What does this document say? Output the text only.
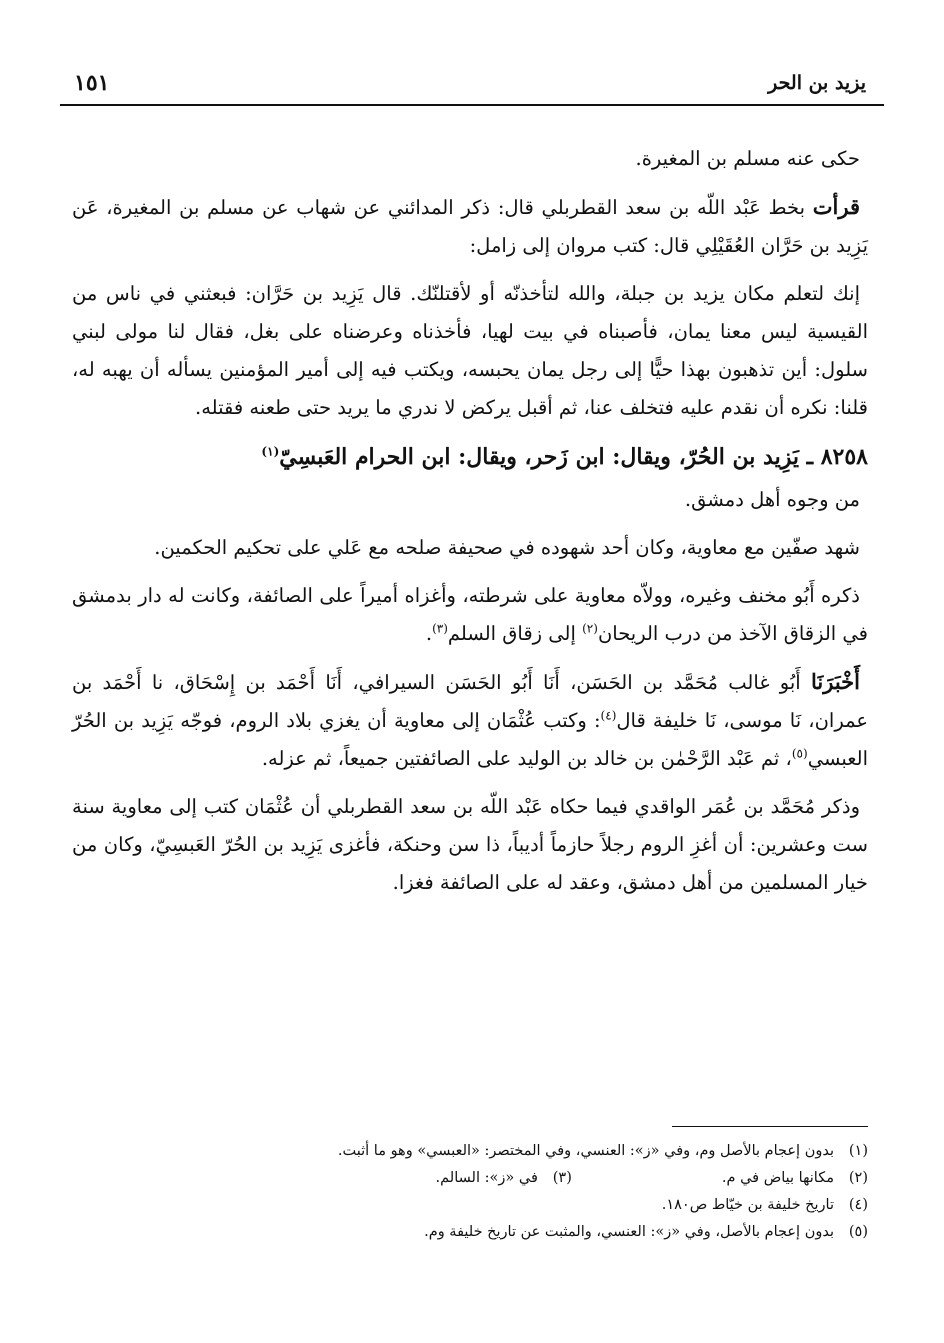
يزيد بن الحر
١٥١

حكى عنه مسلم بن المغيرة.

قرأت بخط عَبْد اللّه بن سعد القطربلي قال: ذكر المدائني عن شهاب عن مسلم بن المغيرة، عَن يَزِيد بن حَرَّان العُقَيْلِي قال: كتب مروان إلى زامل:

إنك لتعلم مكان يزيد بن جبلة، والله لتأخذنّه أو لأقتلنّك. قال يَزِيد بن حَرَّان: فبعثني في ناس من القيسية ليس معنا يمان، فأصبناه في بيت لهيا، فأخذناه وعرضناه على بغل، فقال لنا مولى لبني سلول: أين تذهبون بهذا حيًّا إلى رجل يمان يحبسه، ويكتب فيه إلى أمير المؤمنين يسأله أن يهبه له، قلنا: نكره أن نقدم عليه فتخلف عنا، ثم أقبل يركض لا ندري ما يريد حتى طعنه فقتله.

٨٢٥٨ ـ يَزِيد بن الحُرّ، ويقال: ابن زَحر، ويقال: ابن الحرام العَبسِيّ$^{(١)}$

من وجوه أهل دمشق.

شهد صفّين مع معاوية، وكان أحد شهوده في صحيفة صلحه مع عَلي على تحكيم الحكمين.

ذكره أَبُو مخنف وغيره، وولاّه معاوية على شرطته، وأغزاه أميراً على الصائفة، وكانت له دار بدمشق في الزقاق الآخذ من درب الريحان$^{(٢)}$ إلى زقاق السلم$^{(٣)}$.

أَخْبَرَنَا أَبُو غالب مُحَمَّد بن الحَسَن، أَنَا أَبُو الحَسَن السيرافي، أَنَا أَحْمَد بن إِسْحَاق، نا أَحْمَد بن عمران، نَا موسى، نَا خليفة قال$^{(٤)}$: وكتب عُثْمَان إلى معاوية أن يغزي بلاد الروم، فوجّه يَزِيد بن الحُرّ العبسي$^{(٥)}$، ثم عَبْد الرَّحْمٰن بن خالد بن الوليد على الصائفتين جميعاً، ثم عزله.

وذكر مُحَمَّد بن عُمَر الواقدي فيما حكاه عَبْد اللّه بن سعد القطربلي أن عُثْمَان كتب إلى معاوية سنة ست وعشرين: أن أغزِ الروم رجلاً حازماً أديباً، ذا سن وحنكة، فأغزى يَزِيد بن الحُرّ العَبسِيّ، وكان من خيار المسلمين من أهل دمشق، وعقد له على الصائفة فغزا.

(١)
بدون إعجام بالأصل وم، وفي «ز»: العنسي، وفي المختصر: «العبسي» وهو ما أثبت.
(٢)
مكانها بياض في م.
(٣)
في «ز»: السالم.
(٤)
تاريخ خليفة بن خيّاط ص١٨٠.
(٥)
بدون إعجام بالأصل، وفي «ز»: العنسي، والمثبت عن تاريخ خليفة وم.
